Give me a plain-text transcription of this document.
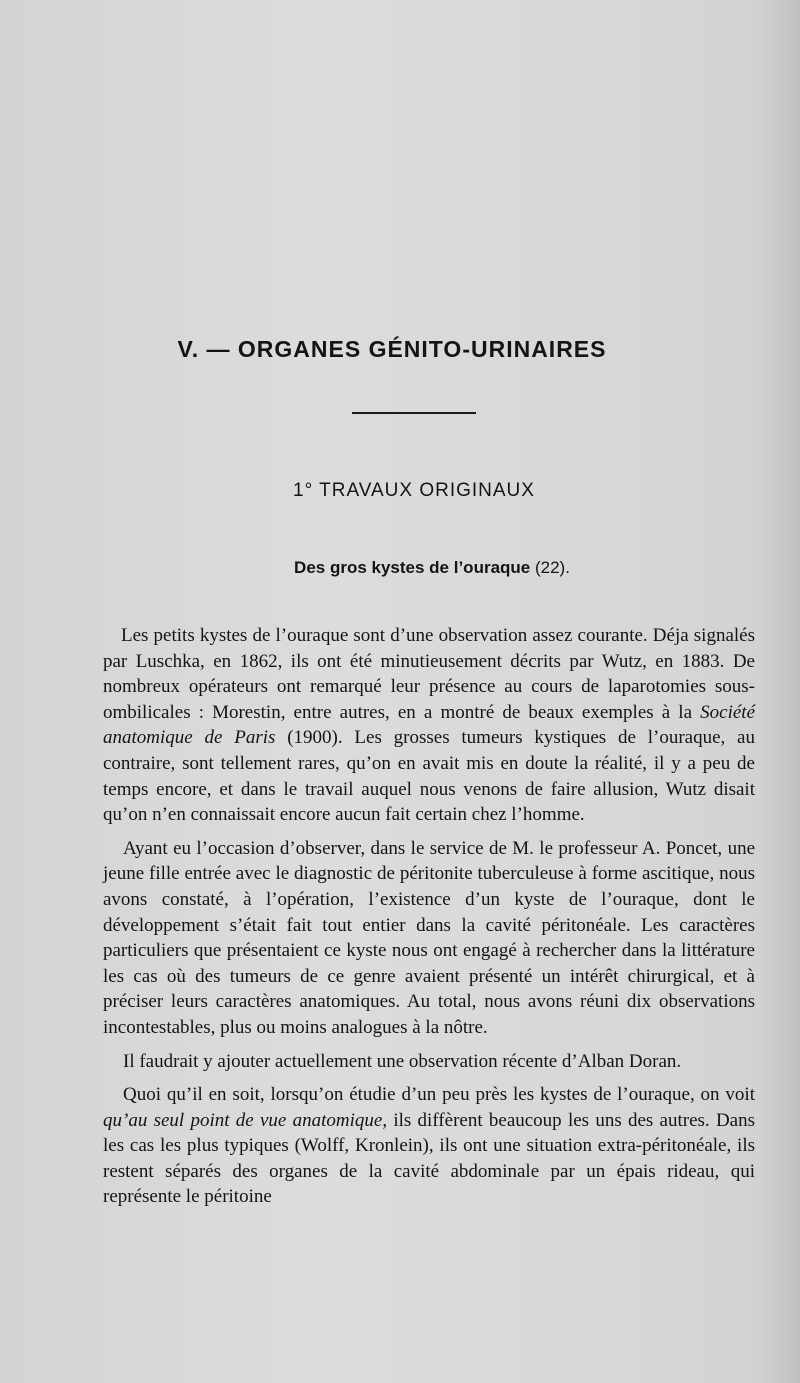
V. — ORGANES GÉNITO-URINAIRES
1° TRAVAUX ORIGINAUX
Des gros kystes de l’ouraque (22).

Les petits kystes de l’ouraque sont d’une observation assez courante. Déja signalés par Luschka, en 1862, ils ont été minutieusement décrits par Wutz, en 1883. De nombreux opérateurs ont remarqué leur présence au cours de laparotomies sous-ombilicales : Morestin, entre autres, en a montré de beaux exemples à la Société anatomique de Paris (1900). Les grosses tumeurs kystiques de l’ouraque, au contraire, sont tellement rares, qu’on en avait mis en doute la réalité, il y a peu de temps encore, et dans le travail auquel nous venons de faire allusion, Wutz disait qu’on n’en connaissait encore aucun fait certain chez l’homme.

Ayant eu l’occasion d’observer, dans le service de M. le professeur A. Poncet, une jeune fille entrée avec le diagnostic de péritonite tuberculeuse à forme ascitique, nous avons constaté, à l’opération, l’existence d’un kyste de l’ouraque, dont le développement s’était fait tout entier dans la cavité péritonéale. Les caractères particuliers que présentaient ce kyste nous ont engagé à rechercher dans la littérature les cas où des tumeurs de ce genre avaient présenté un intérêt chirurgical, et à préciser leurs caractères anatomiques. Au total, nous avons réuni dix observations incontestables, plus ou moins analogues à la nôtre.

Il faudrait y ajouter actuellement une observation récente d’Alban Doran.

Quoi qu’il en soit, lorsqu’on étudie d’un peu près les kystes de l’ouraque, on voit qu’au seul point de vue anatomique, ils diffèrent beaucoup les uns des autres. Dans les cas les plus typiques (Wolff, Kronlein), ils ont une situation extra-péritonéale, ils restent séparés des organes de la cavité abdominale par un épais rideau, qui représente le péritoine
